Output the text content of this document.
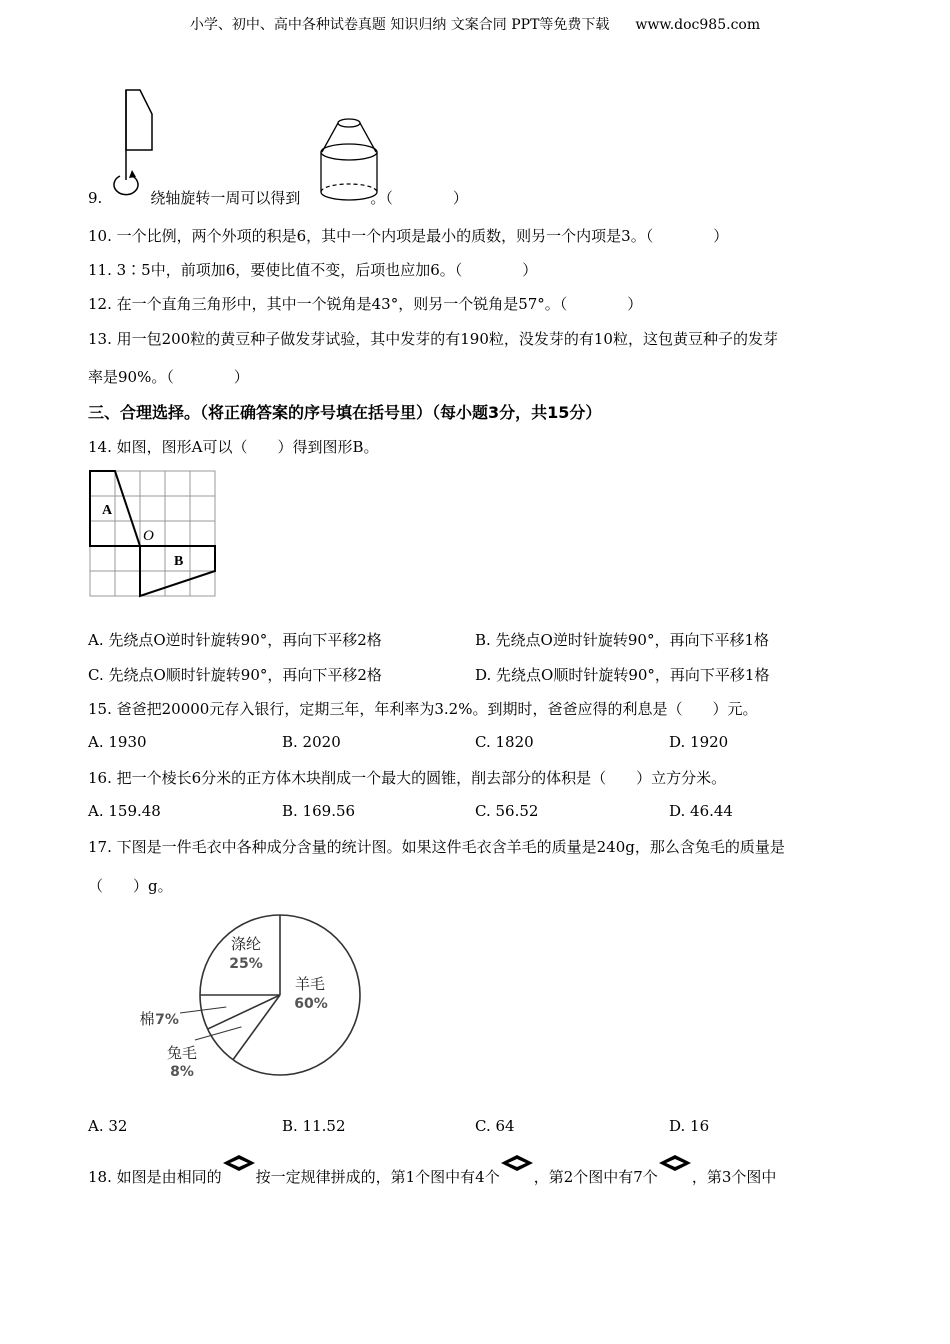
小学、初中、高中各种试卷真题 知识归纳 文案合同 PPT等免费下载 www.doc985.com
9.	绕轴旋转一周可以得到	。（　　　　）
10. 一个比例，两个外项的积是6，其中一个内项是最小的质数，则另一个内项是3。（　　　　）
11. 3∶5中，前项加6，要使比值不变，后项也应加6。（　　　　）
12. 在一个直角三角形中，其中一个锐角是43°，则另一个锐角是57°。（　　　　）
13. 用一包200粒的黄豆种子做发芽试验，其中发芽的有190粒，没发芽的有10粒，这包黄豆种子的发芽
率是90%。（　　　　）
三、合理选择。（将正确答案的序号填在括号里）（每小题3分，共15分）
14. 如图，图形A可以（　　）得到图形B。
A
O
B
A. 先绕点O逆时针旋转90°，再向下平移2格	B. 先绕点O逆时针旋转90°，再向下平移1格
C. 先绕点O顺时针旋转90°，再向下平移2格	D. 先绕点O顺时针旋转90°，再向下平移1格
15. 爸爸把20000元存入银行，定期三年，年利率为3.2%。到期时，爸爸应得的利息是（　　）元。
A. 1930	B. 2020	C. 1820	D. 1920
16. 把一个棱长6分米的正方体木块削成一个最大的圆锥，削去部分的体积是（　　）立方分米。
A. 159.48	B. 169.56	C. 56.52	D. 46.44
17. 下图是一件毛衣中各种成分含量的统计图。如果这件毛衣含羊毛的质量是240g，那么含兔毛的质量是
（　　）g。
羊毛
60%
涤纶
25%
棉 7%
兔毛
8%
A. 32	B. 11.52	C. 64	D. 16
18. 如图是由相同的 按一定规律拼成的，第1个图中有4个 ，第2个图中有7个 ，第3个图中
